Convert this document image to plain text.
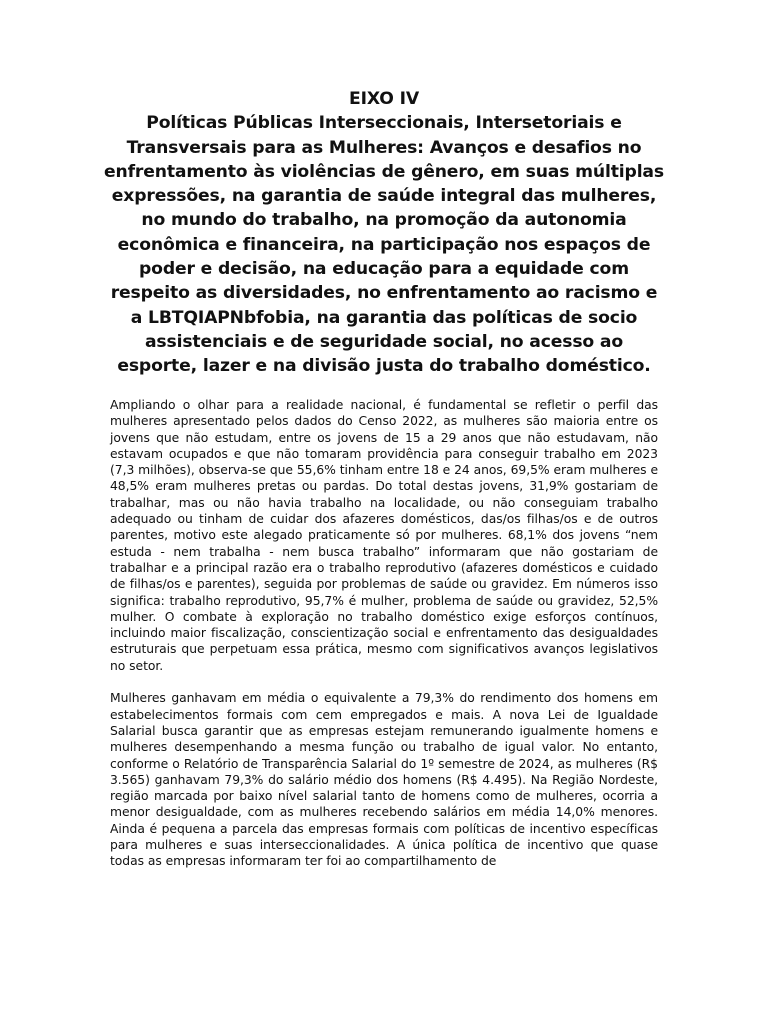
EIXO IV
Políticas Públicas Interseccionais, Intersetoriais e Transversais para as Mulheres: Avanços e desafios no enfrentamento às violências de gênero, em suas múltiplas expressões, na garantia de saúde integral das mulheres, no mundo do trabalho, na promoção da autonomia econômica e financeira, na participação nos espaços de poder e decisão, na educação para a equidade com respeito as diversidades, no enfrentamento ao racismo e a LBTQIAPNbfobia, na garantia das políticas de socio assistenciais e de seguridade social, no acesso ao esporte, lazer e na divisão justa do trabalho doméstico.

Ampliando o olhar para a realidade nacional, é fundamental se refletir o perfil das mulheres apresentado pelos dados do Censo 2022, as mulheres são maioria entre os jovens que não estudam, entre os jovens de 15 a 29 anos que não estudavam, não estavam ocupados e que não tomaram providência para conseguir trabalho em 2023 (7,3 milhões), observa-se que 55,6% tinham entre 18 e 24 anos, 69,5% eram mulheres e 48,5% eram mulheres pretas ou pardas. Do total destas jovens, 31,9% gostariam de trabalhar, mas ou não havia trabalho na localidade, ou não conseguiam trabalho adequado ou tinham de cuidar dos afazeres domésticos, das/os filhas/os e de outros parentes, motivo este alegado praticamente só por mulheres. 68,1% dos jovens “nem estuda - nem trabalha - nem busca trabalho” informaram que não gostariam de trabalhar e a principal razão era o trabalho reprodutivo (afazeres domésticos e cuidado de filhas/os e parentes), seguida por problemas de saúde ou gravidez. Em números isso significa: trabalho reprodutivo, 95,7% é mulher, problema de saúde ou gravidez, 52,5% mulher. O combate à exploração no trabalho doméstico exige esforços contínuos, incluindo maior fiscalização, conscientização social e enfrentamento das desigualdades estruturais que perpetuam essa prática, mesmo com significativos avanços legislativos no setor.

Mulheres ganhavam em média o equivalente a 79,3% do rendimento dos homens em estabelecimentos formais com cem empregados e mais. A nova Lei de Igualdade Salarial busca garantir que as empresas estejam remunerando igualmente homens e mulheres desempenhando a mesma função ou trabalho de igual valor. No entanto, conforme o Relatório de Transparência Salarial do 1º semestre de 2024, as mulheres (R$ 3.565) ganhavam 79,3% do salário médio dos homens (R$ 4.495). Na Região Nordeste, região marcada por baixo nível salarial tanto de homens como de mulheres, ocorria a menor desigualdade, com as mulheres recebendo salários em média 14,0% menores. Ainda é pequena a parcela das empresas formais com políticas de incentivo específicas para mulheres e suas interseccionalidades. A única política de incentivo que quase todas as empresas informaram ter foi ao compartilhamento de
